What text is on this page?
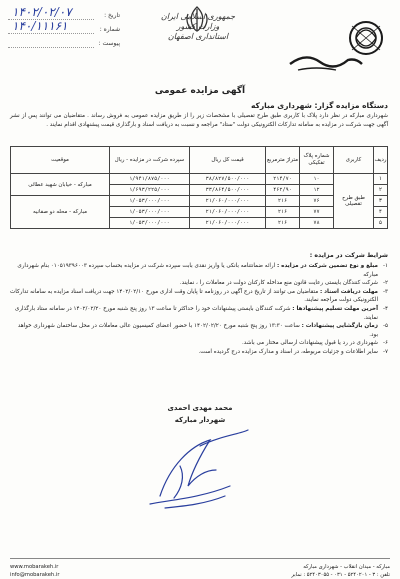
جمهوری اسلامی ایران
وزارت کشور
استانداری اصفهان
تاریخ :
۱۴۰۲/۰۲/۰۷
شماره :
۱۴۰/۱۱۱۶۱
پیوست :
آگهی مزایده عمومی
دستگاه مزایده گزار: شهرداری مبارکه
شهرداری مبارکه در نظر دارد پلاک با کاربری طبق طرح تفصیلی با مشخصات زیر را از طریق مزایده عمومی به فروش رساند . متقاضیان می توانند پس از نشر آگهی جهت شرکت در مزایده به سامانه تدارکات الکترونیکی دولت "ستاد" مراجعه و نسبت به دریافت اسناد و بارگذاری قیمت پیشنهادی اقدام نمایند .
ردیف	کاربری	شماره پلاک تفکیکی	متراژ مترمربع	قیمت کل ریال	سپرده شرکت در مزایده - ریال	موقعیت
۱	طبق طرح تفصیلی	۱۰	۲۱۴/۷۰	۳۸/۸۲۷/۵۰۰/۰۰۰	۱/۹۴۱/۸۷۵/۰۰۰	مبارکه - خیابان شهید عطائی
۲		۱۲	۴۶۲/۹۰	۳۳/۸۶۴/۵۰۰/۰۰۰	۱/۶۹۳/۲۲۵/۰۰۰	
۳		۷۶	۲۱۶	۲۱/۰۶۰/۰۰۰/۰۰۰	۱/۰۵۳/۰۰۰/۰۰۰	مبارکه - محله دو صفانیه
۴		۷۷	۲۱۶	۲۱/۰۶۰/۰۰۰/۰۰۰	۱/۰۵۳/۰۰۰/۰۰۰	
۵		۷۸	۲۱۶	۲۱/۰۶۰/۰۰۰/۰۰۰	۱/۰۵۳/۰۰۰/۰۰۰	
شرایط شرکت در مزایده :
۱-
مبلغ و نوع تضمین شرکت در مزایده : ارائه ضمانتنامه بانکی یا واریز نقدی بابت سپرده شرکت در مزایده بحساب سپرده ۰۱۰۵۱۹۳۹۶۰۰۳ بنام شهرداری مبارکه
۲-
شرکت کنندگان بایستی رعایت قانون منع مداخله کارکنان دولت در معاملات را ، نمایند.
۳-
مهلت دریافت اسناد : متقاضیان می توانند از تاریخ درج آگهی در روزنامه تا پایان وقت اداری مورخ ۱۴۰۲/۰۲/۱۰ جهت دریافت اسناد مزایده به سامانه تدارکات الکترونیکی دولت مراجعه نمایند.
۴-
آخرین مهلت تسلیم پیشنهادها : شرکت کنندگان بایستی پیشنهادات خود را حداکثر تا ساعت ۱۳ روز پنج شنبه مورخ ۱۴۰۲/۰۲/۲۰ در سامانه ستاد بارگذاری نمایند.
۵-
زمان بازگشایی پیشنهادات : ساعت ۱۳:۳۰ روز پنج شنبه مورخ ۱۴۰۲/۰۲/۲۰ با حضور اعضای کمیسیون عالی معاملات در محل ساختمان شهرداری خواهد بود.
۶-
شهرداری در رد یا قبول پیشنهادات ارسالی مختار می باشد.
۷-
سایر اطلاعات و جزئیات مربوطه، در اسناد و مدارک مزایده درج گردیده است.
محمد مهدی احمدی
شهردار مبارکه
مبارکه - میدان انقلاب - شهرداری مبارکه
تلفن : ۳ - ۵۲۴۰۲۰۱ - ۰۳۱ - ۵۲۴۰۳۰۵۵ : نمابر
www.mobarakeh.ir
info@mobarakeh.ir
